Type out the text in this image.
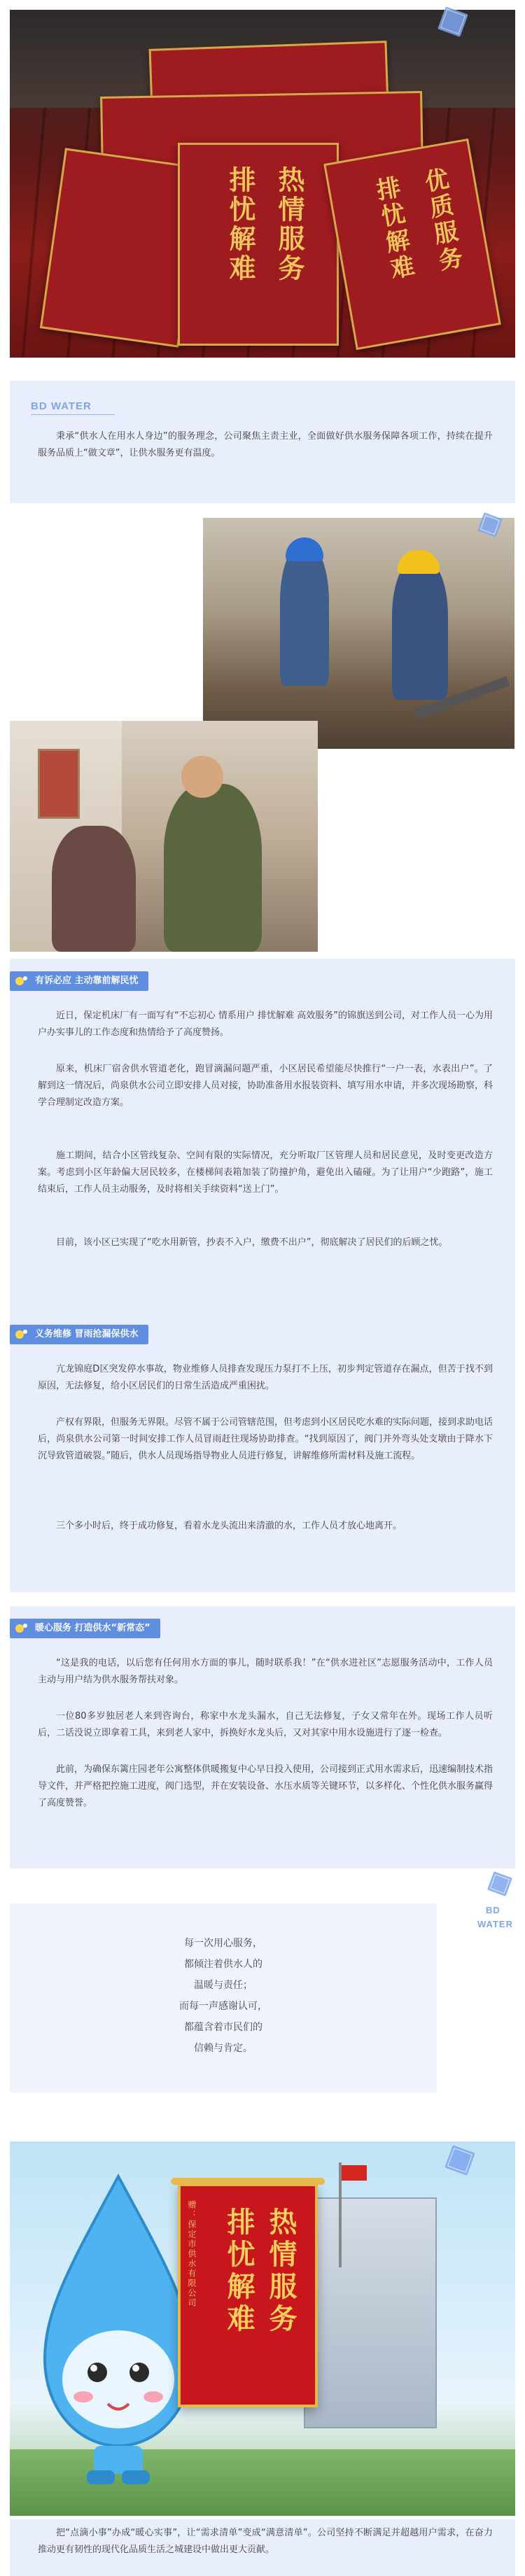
热情服务
排忧解难	优质服务
排忧解难
BD WATER

秉承“供水人在用水人身边”的服务理念，公司聚焦主责主业，全面做好供水服务保障各项工作，持续在提升服务品质上“做文章”，让供水服务更有温度。

有诉必应 主动靠前解民忧

近日，保定机床厂有一面写有“不忘初心 情系用户 排忧解难 高效服务”的锦旗送到公司，对工作人员一心为用户办实事儿的工作态度和热情给予了高度赞扬。

原来，机床厂宿舍供水管道老化，跑冒滴漏问题严重，小区居民希望能尽快推行“一户一表，水表出户”。了解到这一情况后，尚泉供水公司立即安排人员对接，协助准备用水报装资料、填写用水申请，并多次现场勘察，科学合理制定改造方案。

施工期间，结合小区管线复杂、空间有限的实际情况，充分听取厂区管理人员和居民意见，及时变更改造方案。考虑到小区年龄偏大居民较多，在楼梯间表箱加装了防撞护角，避免出入磕碰。为了让用户“少跑路”，施工结束后，工作人员主动服务，及时将相关手续资料“送上门”。

目前，该小区已实现了“吃水用新管，抄表不入户，缴费不出户”，彻底解决了居民们的后顾之忧。

义务维修 冒雨抢漏保供水

亢龙锦庭D区突发停水事故，物业维修人员排查发现压力泵打不上压，初步判定管道存在漏点，但苦于找不到原因，无法修复，给小区居民们的日常生活造成严重困扰。

产权有界限，但服务无界限。尽管不属于公司管辖范围，但考虑到小区居民吃水难的实际问题，接到求助电话后，尚泉供水公司第一时间安排工作人员冒雨赶往现场协助排查。“找到原因了，阀门并外弯头处支墩由于降水下沉导致管道破裂。”随后，供水人员现场指导物业人员进行修复，讲解维修所需材料及施工流程。

三个多小时后，终于成功修复，看着水龙头流出来清澈的水，工作人员才放心地离开。

暖心服务 打造供水“新常态”

“这是我的电话，以后您有任何用水方面的事儿，随时联系我！”在“供水进社区”志愿服务活动中，工作人员主动与用户结为供水服务帮扶对象。

一位80多岁独居老人来到咨询台，称家中水龙头漏水，自己无法修复，子女又常年在外。现场工作人员听后，二话没说立即拿着工具，来到老人家中，拆换好水龙头后，又对其家中用水设施进行了逐一检查。

此前，为确保东篱庄园老年公寓整体供暖搬复中心早日投入使用，公司接到正式用水需求后，迅速编制技术指导文件，并严格把控施工进度，阀门选型，并在安装设备、水压水质等关键环节，以多样化、个性化供水服务赢得了高度赞誉。

BD
WATER
每一次用心服务，
都倾注着供水人的
温暖与责任；
而每一声感谢认可，
都蕴含着市民们的
信赖与肯定。
赠：保定市供水有限公司 热情服务
排忧解难

把“点滴小事”办成“暖心实事”，让“需求清单”变成“满意清单”。公司坚持不断满足并超越用户需求，在奋力推动更有韧性的现代化品质生活之城建设中做出更大贡献。
